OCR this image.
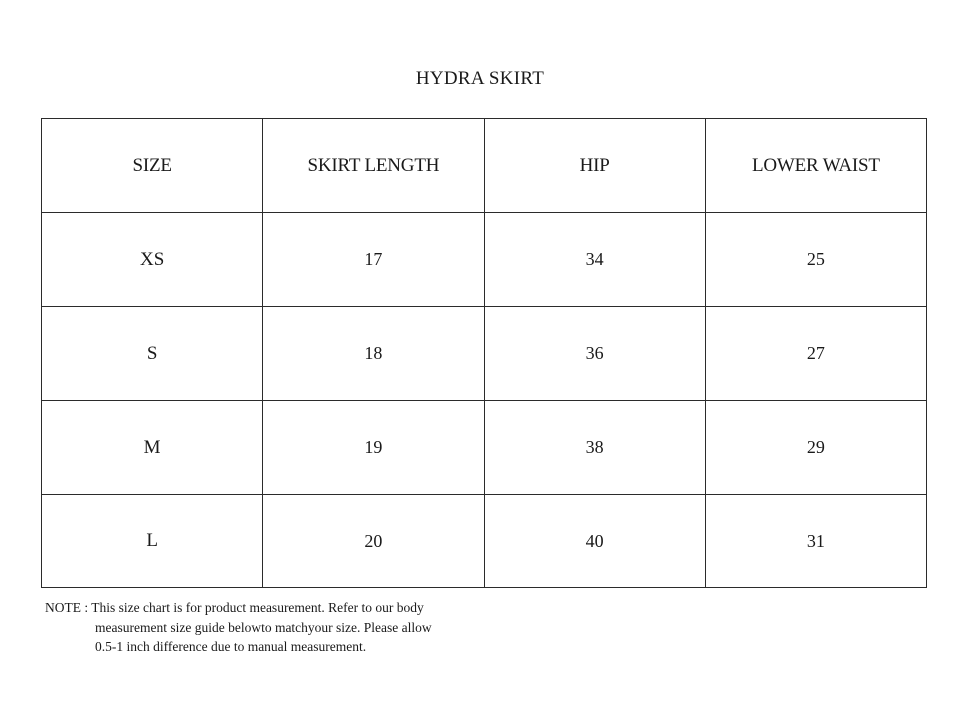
HYDRA SKIRT
SIZE	SKIRT LENGTH	HIP	LOWER WAIST
XS	17	34	25
S	18	36	27
M	19	38	29
L	20	40	31
NOTE : This size chart is for product measurement. Refer to our body
measurement size guide belowto matchyour size. Please allow
0.5-1 inch difference due to manual measurement.
